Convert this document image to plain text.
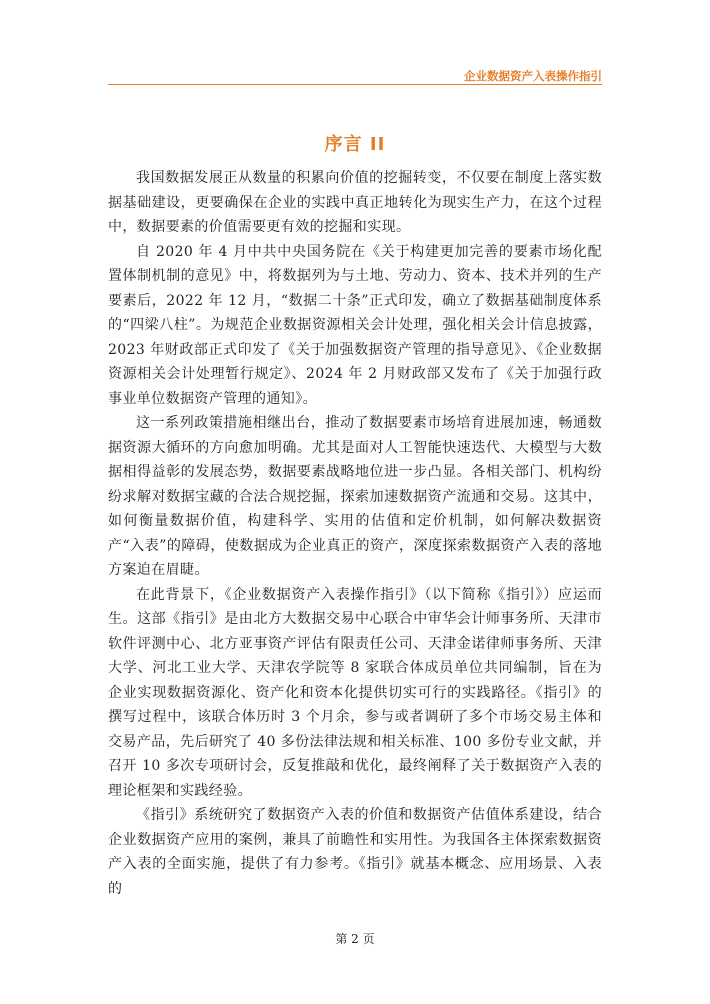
企业数据资产入表操作指引
序言 II

我国数据发展正从数量的积累向价值的挖掘转变，不仅要在制度上落实数据基础建设，更要确保在企业的实践中真正地转化为现实生产力，在这个过程中，数据要素的价值需要更有效的挖掘和实现。

自 2020 年 4 月中共中央国务院在《关于构建更加完善的要素市场化配置体制机制的意见》中，将数据列为与土地、劳动力、资本、技术并列的生产要素后，2022 年 12 月，“数据二十条”正式印发，确立了数据基础制度体系的“四梁八柱”。为规范企业数据资源相关会计处理，强化相关会计信息披露，2023 年财政部正式印发了《关于加强数据资产管理的指导意见》、《企业数据资源相关会计处理暂行规定》、2024 年 2 月财政部又发布了《关于加强行政事业单位数据资产管理的通知》。

这一系列政策措施相继出台，推动了数据要素市场培育进展加速，畅通数据资源大循环的方向愈加明确。尤其是面对人工智能快速迭代、大模型与大数据相得益彰的发展态势，数据要素战略地位进一步凸显。各相关部门、机构纷纷求解对数据宝藏的合法合规挖掘，探索加速数据资产流通和交易。这其中，如何衡量数据价值，构建科学、实用的估值和定价机制，如何解决数据资产“入表”的障碍，使数据成为企业真正的资产，深度探索数据资产入表的落地方案迫在眉睫。

在此背景下，《企业数据资产入表操作指引》（以下简称《指引》）应运而生。这部《指引》是由北方大数据交易中心联合中审华会计师事务所、天津市软件评测中心、北方亚事资产评估有限责任公司、天津金诺律师事务所、天津大学、河北工业大学、天津农学院等 8 家联合体成员单位共同编制，旨在为企业实现数据资源化、资产化和资本化提供切实可行的实践路径。《指引》的撰写过程中，该联合体历时 3 个月余，参与或者调研了多个市场交易主体和交易产品，先后研究了 40 多份法律法规和相关标准、100 多份专业文献，并召开 10 多次专项研讨会，反复推敲和优化，最终阐释了关于数据资产入表的理论框架和实践经验。

《指引》系统研究了数据资产入表的价值和数据资产估值体系建设，结合企业数据资产应用的案例，兼具了前瞻性和实用性。为我国各主体探索数据资产入表的全面实施，提供了有力参考。《指引》就基本概念、应用场景、入表的

第 2 页
